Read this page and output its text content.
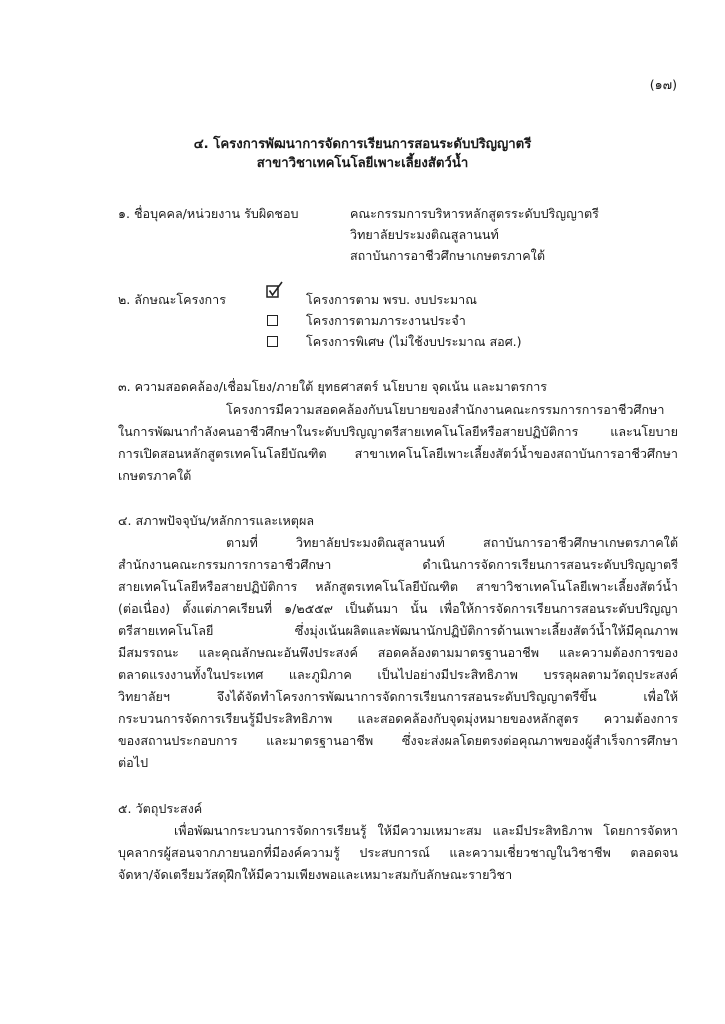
(๑๗)
๔. โครงการพัฒนาการจัดการเรียนการสอนระดับปริญญาตรี
สาขาวิชาเทคโนโลยีเพาะเลี้ยงสัตว์น้ำ
๑. ชื่อบุคคล/หน่วยงาน รับผิดชอบ	คณะกรรมการบริหารหลักสูตรระดับปริญญาตรี
วิทยาลัยประมงติณสูลานนท์
สถาบันการอาชีวศึกษาเกษตรภาคใต้
๒. ลักษณะโครงการ	โครงการตาม พรบ. งบประมาณ
โครงการตามภาระงานประจำ
โครงการพิเศษ (ไม่ใช้งบประมาณ สอศ.)
๓. ความสอดคล้อง/เชื่อมโยง/ภายใต้ ยุทธศาสตร์ นโยบาย จุดเน้น และมาตรการ
โครงการมีความสอดคล้องกับนโยบายของสำนักงานคณะกรรมการการอาชีวศึกษา
ในการพัฒนากำลังคนอาชีวศึกษาในระดับปริญญาตรีสายเทคโนโลยีหรือสายปฏิบัติการ และนโยบาย
การเปิดสอนหลักสูตรเทคโนโลยีบัณฑิต สาขาเทคโนโลยีเพาะเลี้ยงสัตว์น้ำของสถาบันการอาชีวศึกษา
เกษตรภาคใต้
๔. สภาพปัจจุบัน/หลักการและเหตุผล
ตามที่ วิทยาลัยประมงติณสูลานนท์ สถาบันการอาชีวศึกษาเกษตรภาคใต้
สำนักงานคณะกรรมการการอาชีวศึกษา ดำเนินการจัดการเรียนการสอนระดับปริญญาตรี
สายเทคโนโลยีหรือสายปฏิบัติการ หลักสูตรเทคโนโลยีบัณฑิต สาขาวิชาเทคโนโลยีเพาะเลี้ยงสัตว์น้ำ
(ต่อเนื่อง) ตั้งแต่ภาคเรียนที่ ๑/๒๕๕๙ เป็นต้นมา นั้น เพื่อให้การจัดการเรียนการสอนระดับปริญญา
ตรีสายเทคโนโลยี ซึ่งมุ่งเน้นผลิตและพัฒนานักปฏิบัติการด้านเพาะเลี้ยงสัตว์น้ำให้มีคุณภาพ
มีสมรรถนะ และคุณลักษณะอันพึงประสงค์ สอดคล้องตามมาตรฐานอาชีพ และความต้องการของ
ตลาดแรงงานทั้งในประเทศ และภูมิภาค เป็นไปอย่างมีประสิทธิภาพ บรรลุผลตามวัตถุประสงค์
วิทยาลัยฯ จึงได้จัดทำโครงการพัฒนาการจัดการเรียนการสอนระดับปริญญาตรีขึ้น เพื่อให้
กระบวนการจัดการเรียนรู้มีประสิทธิภาพ และสอดคล้องกับจุดมุ่งหมายของหลักสูตร ความต้องการ
ของสถานประกอบการ และมาตรฐานอาชีพ ซึ่งจะส่งผลโดยตรงต่อคุณภาพของผู้สำเร็จการศึกษา
ต่อไป
๕. วัตถุประสงค์
เพื่อพัฒนากระบวนการจัดการเรียนรู้ ให้มีความเหมาะสม และมีประสิทธิภาพ โดยการจัดหา
บุคลากรผู้สอนจากภายนอกที่มีองค์ความรู้ ประสบการณ์ และความเชี่ยวชาญในวิชาชีพ ตลอดจน
จัดหา/จัดเตรียมวัสดุฝึกให้มีความเพียงพอและเหมาะสมกับลักษณะรายวิชา
